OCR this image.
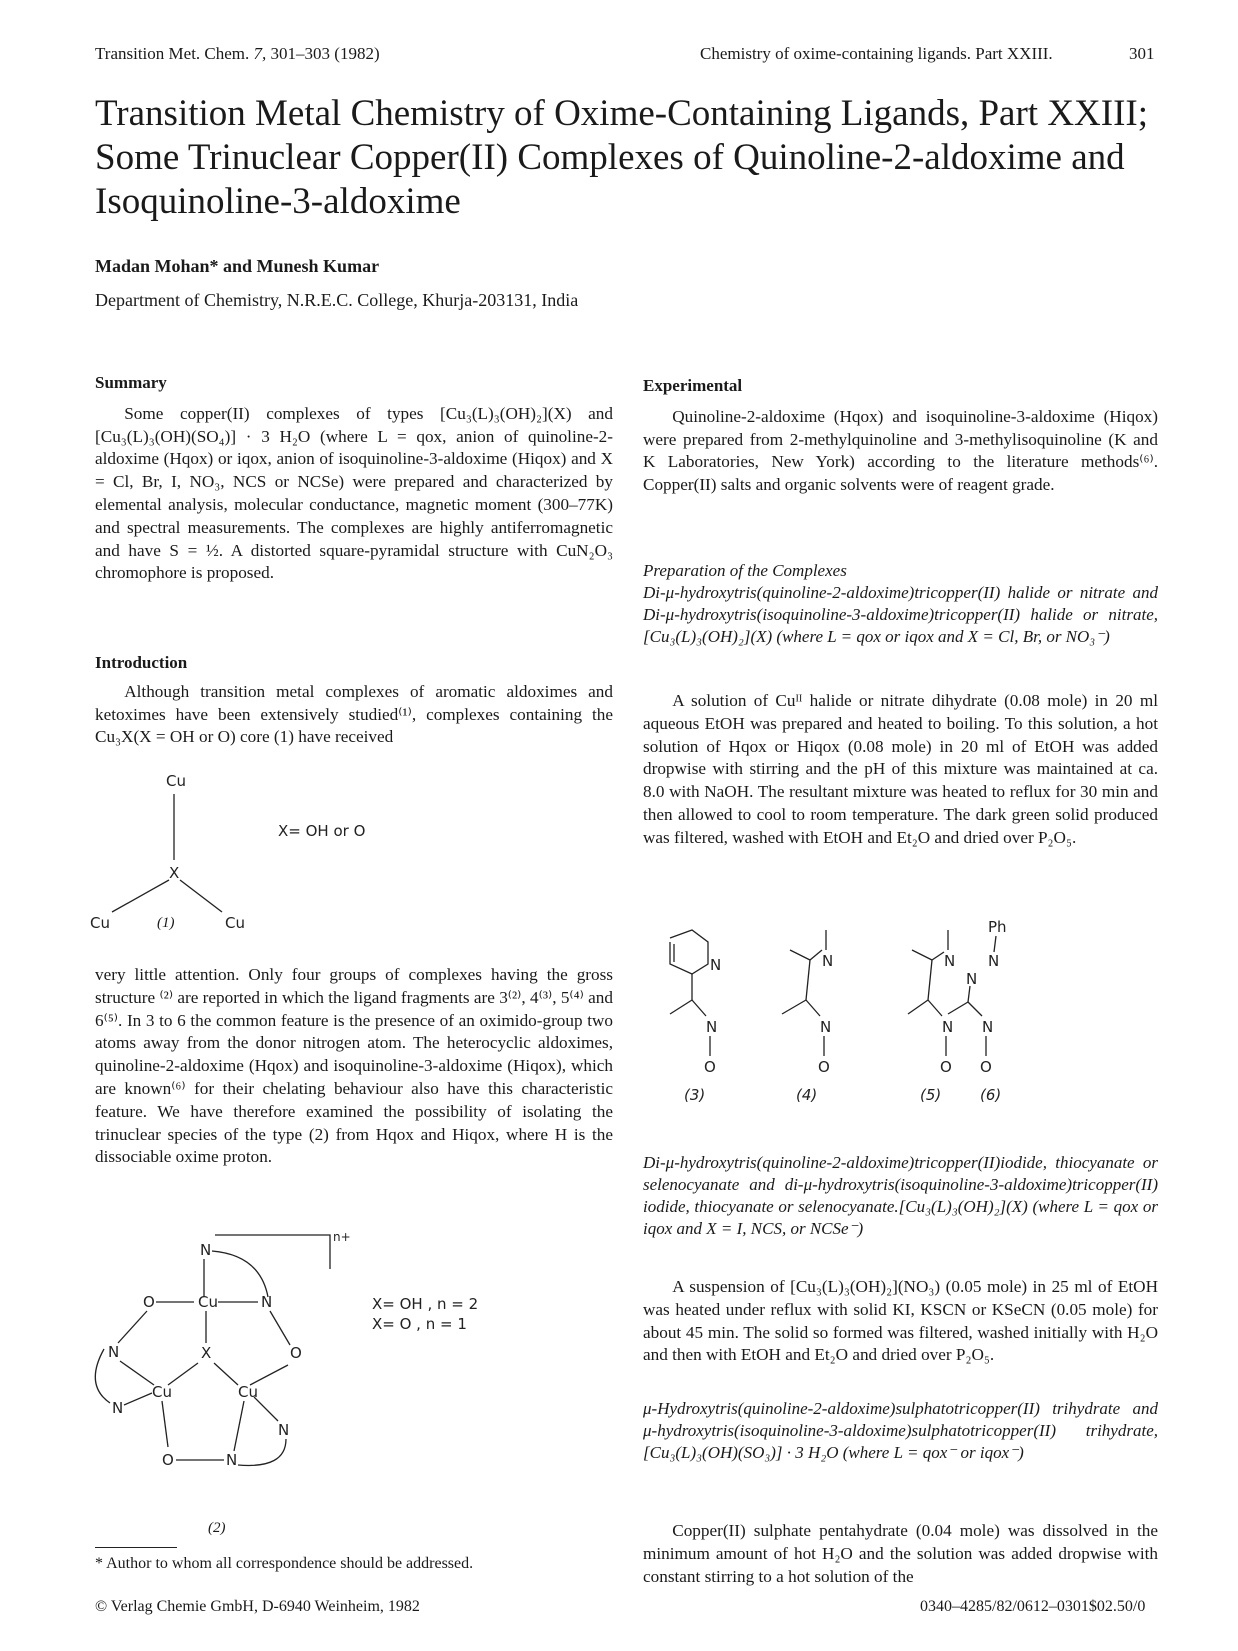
Transition Met. Chem. 7, 301–303 (1982)	Chemistry of oxime-containing ligands. Part XXIII.	301
Transition Metal Chemistry of Oxime-Containing Ligands, Part XXIII;
Some Trinuclear Copper(II) Complexes of Quinoline-2-aldoxime and
Isoquinoline-3-aldoxime
Madan Mohan* and Munesh Kumar
Department of Chemistry, N.R.E.C. College, Khurja-203131, India
Summary

Some copper(II) complexes of types [Cu₃(L)₃(OH)₂](X) and [Cu₃(L)₃(OH)(SO₄)] · 3 H₂O (where L = qox, anion of quinoline-2-aldoxime (Hqox) or iqox, anion of isoquinoline-3-aldoxime (Hiqox) and X = Cl, Br, I, NO₃, NCS or NCSe) were prepared and characterized by elemental analysis, molecular conductance, magnetic moment (300–77K) and spectral measurements. The complexes are highly antiferromagnetic and have S = ½. A distorted square-pyramidal structure with CuN₂O₃ chromophore is proposed.

Introduction

Although transition metal complexes of aromatic aldoximes and ketoximes have been extensively studied⁽¹⁾, complexes containing the Cu₃X(X = OH or O) core (1) have received

Cu
X
Cu	Cu
X= OH or O
(1)

very little attention. Only four groups of complexes having the gross structure ⁽²⁾ are reported in which the ligand fragments are 3⁽²⁾, 4⁽³⁾, 5⁽⁴⁾ and 6⁽⁵⁾. In 3 to 6 the common feature is the presence of an oximido-group two atoms away from the donor nitrogen atom. The heterocyclic aldoximes, quinoline-2-aldoxime (Hqox) and isoquinoline-3-aldoxime (Hiqox), which are known⁽⁶⁾ for their chelating behaviour also have this characteristic feature. We have therefore examined the possibility of isolating the trinuclear species of the type (2) from Hqox and Hiqox, where H is the dissociable oxime proton.

n+
N
O	Cu	N
O
N	X
Cu	Cu
N
O	N
N
X= OH , n = 2
X= O , n = 1
(2)
* Author to whom all correspondence should be addressed.
© Verlag Chemie GmbH, D-6940 Weinheim, 1982
Experimental

Quinoline-2-aldoxime (Hqox) and isoquinoline-3-aldoxime (Hiqox) were prepared from 2-methylquinoline and 3-methylisoquinoline (K and K Laboratories, New York) according to the literature methods⁽⁶⁾. Copper(II) salts and organic solvents were of reagent grade.

Preparation of the Complexes
Di-μ-hydroxytris(quinoline-2-aldoxime)tricopper(II) halide or nitrate and Di-μ-hydroxytris(isoquinoline-3-aldoxime)tricopper(II) halide or nitrate, [Cu₃(L)₃(OH)₂](X) (where L = qox or iqox and X = Cl, Br, or NO₃⁻)

A solution of Cuᴵᴵ halide or nitrate dihydrate (0.08 mole) in 20 ml aqueous EtOH was prepared and heated to boiling. To this solution, a hot solution of Hqox or Hiqox (0.08 mole) in 20 ml of EtOH was added dropwise with stirring and the pH of this mixture was maintained at ca. 8.0 with NaOH. The resultant mixture was heated to reflux for 30 min and then allowed to cool to room temperature. The dark green solid produced was filtered, washed with EtOH and Et₂O and dried over P₂O₅.

N
N
O
N
N
O
N
N
O
Ph
N
N
N
O
(3)	(4)	(5)	(6)
Di-μ-hydroxytris(quinoline-2-aldoxime)tricopper(II)iodide, thiocyanate or selenocyanate and di-μ-hydroxytris(isoquinoline-3-aldoxime)tricopper(II) iodide, thiocyanate or selenocyanate.[Cu₃(L)₃(OH)₂](X) (where L = qox or iqox and X = I, NCS, or NCSe⁻)

A suspension of [Cu₃(L)₃(OH)₂](NO₃) (0.05 mole) in 25 ml of EtOH was heated under reflux with solid KI, KSCN or KSeCN (0.05 mole) for about 45 min. The solid so formed was filtered, washed initially with H₂O and then with EtOH and Et₂O and dried over P₂O₅.

μ-Hydroxytris(quinoline-2-aldoxime)sulphatotricopper(II) trihydrate and μ-hydroxytris(isoquinoline-3-aldoxime)sulphatotricopper(II) trihydrate, [Cu₃(L)₃(OH)(SO₃)] · 3 H₂O (where L = qox⁻ or iqox⁻)

Copper(II) sulphate pentahydrate (0.04 mole) was dissolved in the minimum amount of hot H₂O and the solution was added dropwise with constant stirring to a hot solution of the

0340–4285/82/0612–0301$02.50/0
